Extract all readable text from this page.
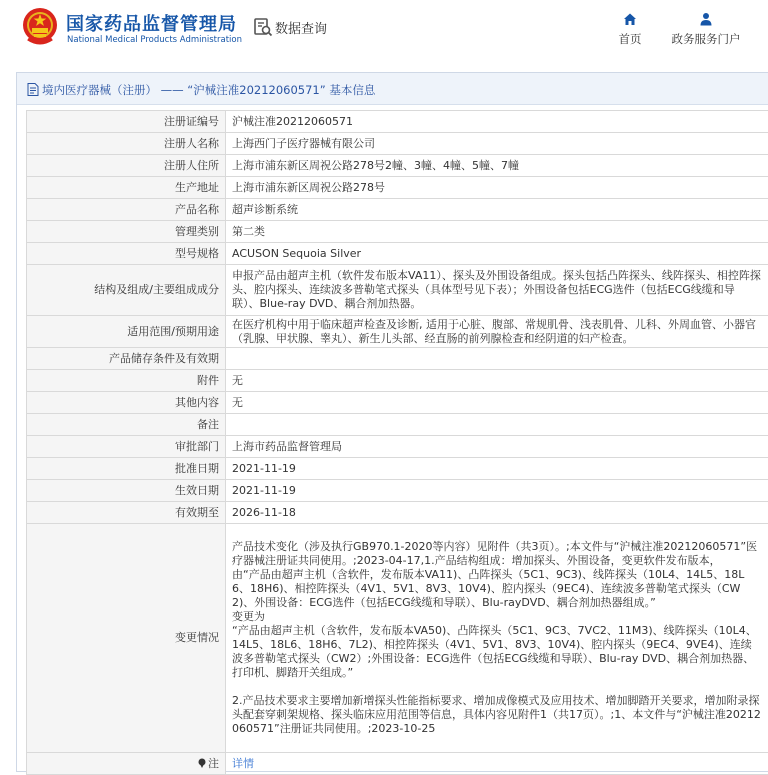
国家药品监督管理局
National Medical Products Administration
数据查询
首页	政务服务门户
境内医疗器械（注册） —— “沪械注准20212060571” 基本信息
注册证编号	沪械注准20212060571
注册人名称	上海西门子医疗器械有限公司
注册人住所	上海市浦东新区周祝公路278号2幢、3幢、4幢、5幢、7幢
生产地址	上海市浦东新区周祝公路278号
产品名称	超声诊断系统
管理类别	第二类
型号规格	ACUSON Sequoia Silver
结构及组成/主要组成成分	申报产品由超声主机（软件发布版本VA11）、探头及外围设备组成。探头包括凸阵探头、线阵探头、相控阵探头、腔内探头、连续波多普勒笔式探头（具体型号见下表）；外围设备包括ECG选件（包括ECG线缆和导联）、Blue-ray DVD、耦合剂加热器。
适用范围/预期用途	在医疗机构中用于临床超声检查及诊断, 适用于心脏、腹部、常规肌骨、浅表肌骨、儿科、外周血管、小器官（乳腺、甲状腺、睾丸）、新生儿头部、经直肠的前列腺检查和经阴道的妇产检查。
产品储存条件及有效期	
附件	无
其他内容	无
备注	
审批部门	上海市药品监督管理局
批准日期	2021-11-19
生效日期	2021-11-19
有效期至	2026-11-18
变更情况	产品技术变化（涉及执行GB970.1-2020等内容）见附件（共3页）。;本文件与“沪械注准20212060571”医疗器械注册证共同使用。;2023-04-17,1.产品结构组成：增加探头、外围设备，变更软件发布版本，
由“产品由超声主机（含软件，发布版本VA11)、凸阵探头（5C1、9C3)、线阵探头（10L4、14L5、18L6、18H6)、相控阵探头（4V1、5V1、8V3、10V4)、腔内探头（9EC4)、连续波多普勒笔式探头（CW2)、外围设备：ECG选件（包括ECG线缆和导联）、Blu-rayDVD、耦合剂加热器组成。”
变更为
“产品由超声主机（含软件，发布版本VA50)、凸阵探头（5C1、9C3、7VC2、11M3)、线阵探头（10L4、14L5、18L6、18H6、7L2)、相控阵探头（4V1、5V1、8V3、10V4)、腔内探头（9EC4、9VE4)、连续波多普勒笔式探头（CW2）;外围设备：ECG选件（包括ECG线缆和导联）、Blu-ray DVD、耦合剂加热器、打印机、脚踏开关组成。”

2.产品技术要求主要增加新增探头性能指标要求、增加成像模式及应用技术、增加脚踏开关要求，增加附录探头配套穿刺架规格、探头临床应用范围等信息，具体内容见附件1（共17页）。;1、本文件与“沪械注准20212060571”注册证共同使用。;2023-10-25
注	详情
